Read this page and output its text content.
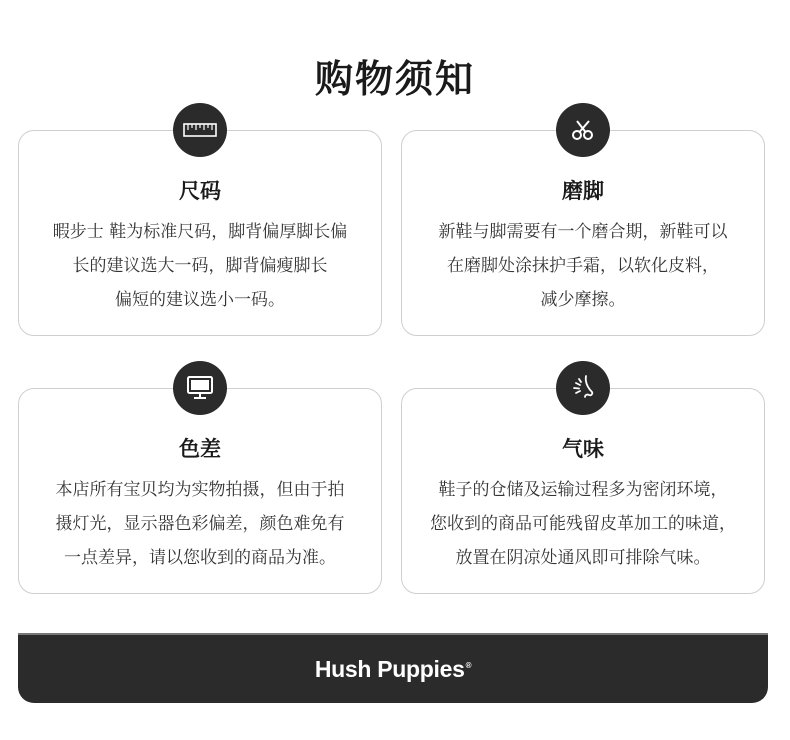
购物须知
尺码
暇步士 鞋为标准尺码，脚背偏厚脚长偏
长的建议选大一码，脚背偏瘦脚长
偏短的建议选小一码。
磨脚
新鞋与脚需要有一个磨合期，新鞋可以
在磨脚处涂抹护手霜，以软化皮料，
减少摩擦。
色差
本店所有宝贝均为实物拍摄，但由于拍
摄灯光，显示器色彩偏差，颜色难免有
一点差异，请以您收到的商品为准。
气味
鞋子的仓储及运输过程多为密闭环境，
您收到的商品可能残留皮革加工的味道，
放置在阴凉处通风即可排除气味。
Hush Puppies®
